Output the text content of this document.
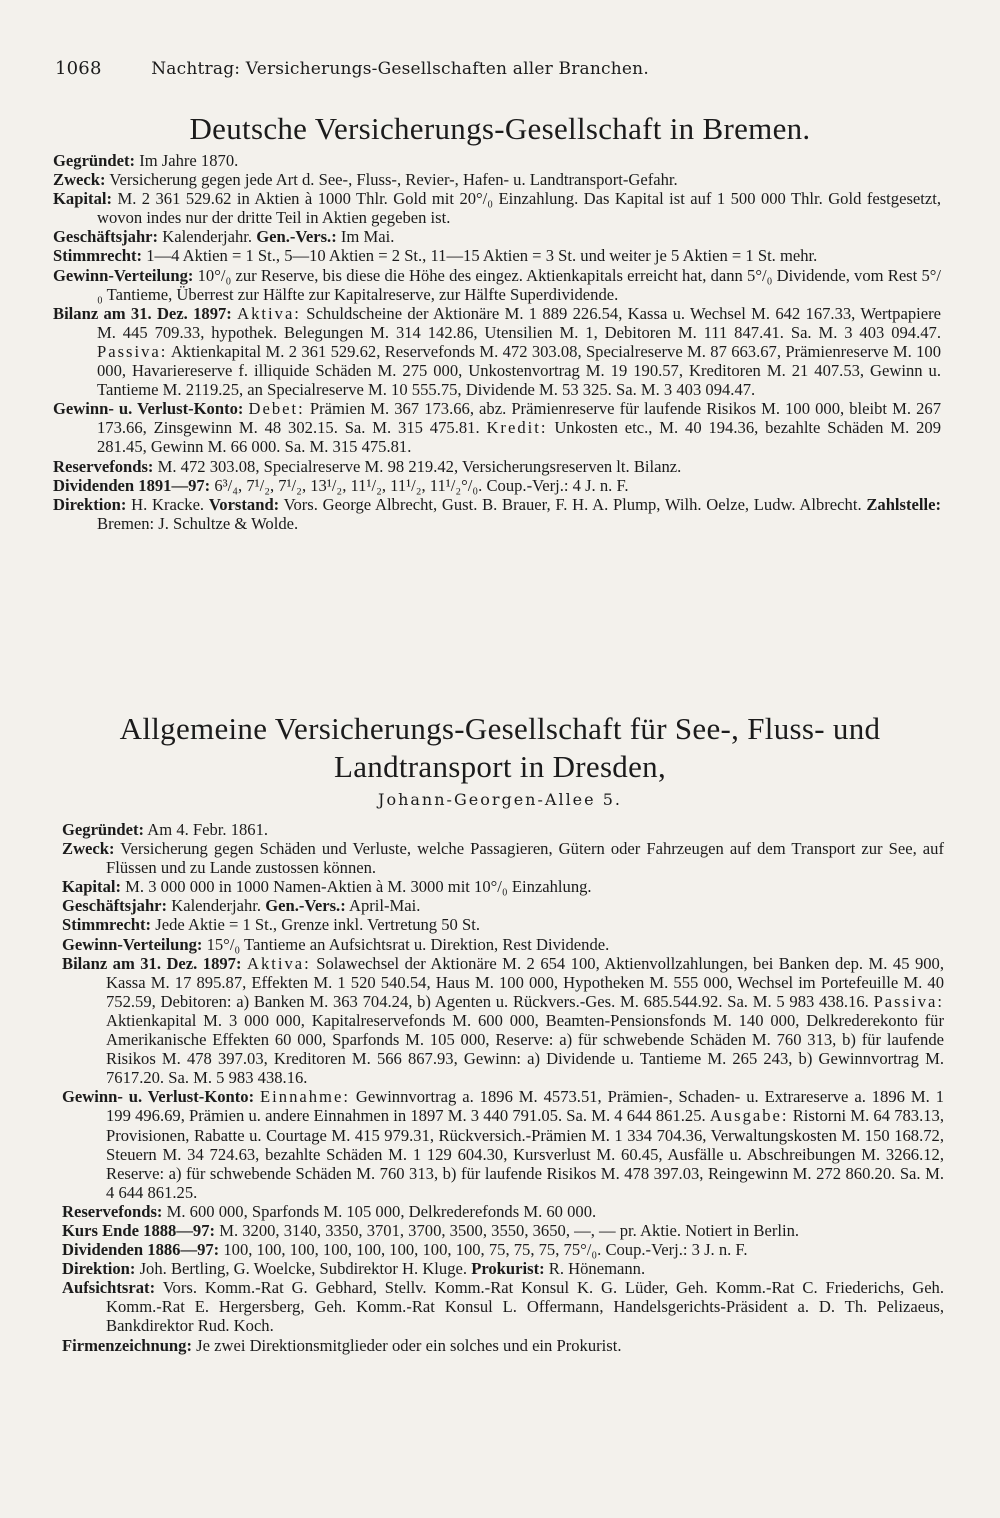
1068	Nachtrag: Versicherungs-Gesellschaften aller Branchen.
Deutsche Versicherungs-Gesellschaft in Bremen.

Gegründet: Im Jahre 1870.

Zweck: Versicherung gegen jede Art d. See-, Fluss-, Revier-, Hafen- u. Landtransport-Gefahr.

Kapital: M. 2 361 529.62 in Aktien à 1000 Thlr. Gold mit 20°/₀ Einzahlung. Das Kapital ist auf 1 500 000 Thlr. Gold festgesetzt, wovon indes nur der dritte Teil in Aktien gegeben ist.

Geschäftsjahr: Kalenderjahr. Gen.-Vers.: Im Mai.

Stimmrecht: 1—4 Aktien = 1 St., 5—10 Aktien = 2 St., 11—15 Aktien = 3 St. und weiter je 5 Aktien = 1 St. mehr.

Gewinn-Verteilung: 10°/₀ zur Reserve, bis diese die Höhe des eingez. Aktienkapitals erreicht hat, dann 5°/₀ Dividende, vom Rest 5°/₀ Tantieme, Überrest zur Hälfte zur Kapitalreserve, zur Hälfte Superdividende.

Bilanz am 31. Dez. 1897: Aktiva: Schuldscheine der Aktionäre M. 1 889 226.54, Kassa u. Wechsel M. 642 167.33, Wertpapiere M. 445 709.33, hypothek. Belegungen M. 314 142.86, Utensilien M. 1, Debitoren M. 111 847.41. Sa. M. 3 403 094.47. Passiva: Aktienkapital M. 2 361 529.62, Reservefonds M. 472 303.08, Specialreserve M. 87 663.67, Prämienreserve M. 100 000, Havariereserve f. illiquide Schäden M. 275 000, Unkostenvortrag M. 19 190.57, Kreditoren M. 21 407.53, Gewinn u. Tantieme M. 2119.25, an Specialreserve M. 10 555.75, Dividende M. 53 325. Sa. M. 3 403 094.47.

Gewinn- u. Verlust-Konto: Debet: Prämien M. 367 173.66, abz. Prämienreserve für laufende Risikos M. 100 000, bleibt M. 267 173.66, Zinsgewinn M. 48 302.15. Sa. M. 315 475.81. Kredit: Unkosten etc., M. 40 194.36, bezahlte Schäden M. 209 281.45, Gewinn M. 66 000. Sa. M. 315 475.81.

Reservefonds: M. 472 303.08, Specialreserve M. 98 219.42, Versicherungsreserven lt. Bilanz.

Dividenden 1891—97: 6³/₄, 7¹/₂, 7¹/₂, 13¹/₂, 11¹/₂, 11¹/₂, 11¹/₂°/₀. Coup.-Verj.: 4 J. n. F.

Direktion: H. Kracke. Vorstand: Vors. George Albrecht, Gust. B. Brauer, F. H. A. Plump, Wilh. Oelze, Ludw. Albrecht. Zahlstelle: Bremen: J. Schultze & Wolde.

Allgemeine Versicherungs-Gesellschaft für See-, Fluss- und
Landtransport in Dresden,
Johann-Georgen-Allee 5.

Gegründet: Am 4. Febr. 1861.

Zweck: Versicherung gegen Schäden und Verluste, welche Passagieren, Gütern oder Fahrzeugen auf dem Transport zur See, auf Flüssen und zu Lande zustossen können.

Kapital: M. 3 000 000 in 1000 Namen-Aktien à M. 3000 mit 10°/₀ Einzahlung.

Geschäftsjahr: Kalenderjahr. Gen.-Vers.: April-Mai.

Stimmrecht: Jede Aktie = 1 St., Grenze inkl. Vertretung 50 St.

Gewinn-Verteilung: 15°/₀ Tantieme an Aufsichtsrat u. Direktion, Rest Dividende.

Bilanz am 31. Dez. 1897: Aktiva: Solawechsel der Aktionäre M. 2 654 100, Aktienvollzahlungen, bei Banken dep. M. 45 900, Kassa M. 17 895.87, Effekten M. 1 520 540.54, Haus M. 100 000, Hypotheken M. 555 000, Wechsel im Portefeuille M. 40 752.59, Debitoren: a) Banken M. 363 704.24, b) Agenten u. Rückvers.-Ges. M. 685.544.92. Sa. M. 5 983 438.16. Passiva: Aktienkapital M. 3 000 000, Kapitalreservefonds M. 600 000, Beamten-Pensionsfonds M. 140 000, Delkrederekonto für Amerikanische Effekten 60 000, Sparfonds M. 105 000, Reserve: a) für schwebende Schäden M. 760 313, b) für laufende Risikos M. 478 397.03, Kreditoren M. 566 867.93, Gewinn: a) Dividende u. Tantieme M. 265 243, b) Gewinnvortrag M. 7617.20. Sa. M. 5 983 438.16.

Gewinn- u. Verlust-Konto: Einnahme: Gewinnvortrag a. 1896 M. 4573.51, Prämien-, Schaden- u. Extrareserve a. 1896 M. 1 199 496.69, Prämien u. andere Einnahmen in 1897 M. 3 440 791.05. Sa. M. 4 644 861.25. Ausgabe: Ristorni M. 64 783.13, Provisionen, Rabatte u. Courtage M. 415 979.31, Rückversich.-Prämien M. 1 334 704.36, Verwaltungskosten M. 150 168.72, Steuern M. 34 724.63, bezahlte Schäden M. 1 129 604.30, Kursverlust M. 60.45, Ausfälle u. Abschreibungen M. 3266.12, Reserve: a) für schwebende Schäden M. 760 313, b) für laufende Risikos M. 478 397.03, Reingewinn M. 272 860.20. Sa. M. 4 644 861.25.

Reservefonds: M. 600 000, Sparfonds M. 105 000, Delkrederefonds M. 60 000.

Kurs Ende 1888—97: M. 3200, 3140, 3350, 3701, 3700, 3500, 3550, 3650, —, — pr. Aktie. Notiert in Berlin.

Dividenden 1886—97: 100, 100, 100, 100, 100, 100, 100, 100, 75, 75, 75, 75°/₀. Coup.-Verj.: 3 J. n. F.

Direktion: Joh. Bertling, G. Woelcke, Subdirektor H. Kluge. Prokurist: R. Hönemann.

Aufsichtsrat: Vors. Komm.-Rat G. Gebhard, Stellv. Komm.-Rat Konsul K. G. Lüder, Geh. Komm.-Rat C. Friederichs, Geh. Komm.-Rat E. Hergersberg, Geh. Komm.-Rat Konsul L. Offermann, Handelsgerichts-Präsident a. D. Th. Pelizaeus, Bankdirektor Rud. Koch.

Firmenzeichnung: Je zwei Direktionsmitglieder oder ein solches und ein Prokurist.
